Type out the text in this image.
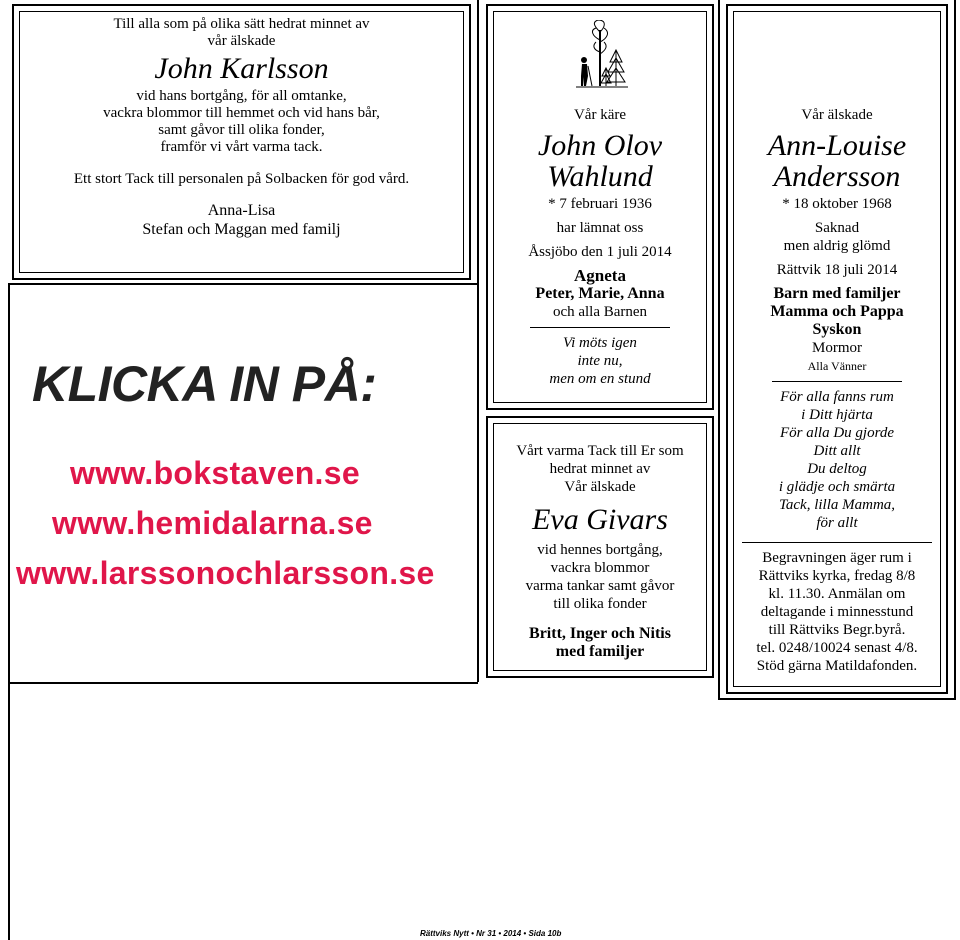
Till alla som på olika sätt hedrat minnet av
vår älskade
John Karlsson
vid hans bortgång, för all omtanke,
vackra blommor till hemmet och vid hans bår,
samt gåvor till olika fonder,
framför vi vårt varma tack.
Ett stort Tack till personalen på Solbacken för god vård.
Anna-Lisa
Stefan och Maggan med familj
KLICKA IN PÅ:
www.bokstaven.se
www.hemidalarna.se
www.larssonochlarsson.se
Vår käre
John Olov
Wahlund
* 7 februari 1936
har lämnat oss
Åssjöbo den 1 juli 2014
Agneta
Peter, Marie, Anna
och alla Barnen
Vi möts igen
inte nu,
men om en stund
Vårt varma Tack till Er som
hedrat minnet av
Vår älskade
Eva Givars
vid hennes bortgång,
vackra blommor
varma tankar samt gåvor
till olika fonder
Britt, Inger och Nitis
med familjer
Vår älskade
Ann-Louise
Andersson
* 18 oktober 1968
Saknad
men aldrig glömd
Rättvik 18 juli 2014
Barn med familjer
Mamma och Pappa
Syskon
Mormor
Alla Vänner
För alla fanns rum
i Ditt hjärta
För alla Du gjorde
Ditt allt
Du deltog
i glädje och smärta
Tack, lilla Mamma,
för allt
Begravningen äger rum i
Rättviks kyrka, fredag 8/8
kl. 11.30. Anmälan om
deltagande i minnesstund
till Rättviks Begr.byrå.
tel. 0248/10024 senast 4/8.
Stöd gärna Matildafonden.
Rättviks Nytt • Nr 31 • 2014 • Sida 10b
